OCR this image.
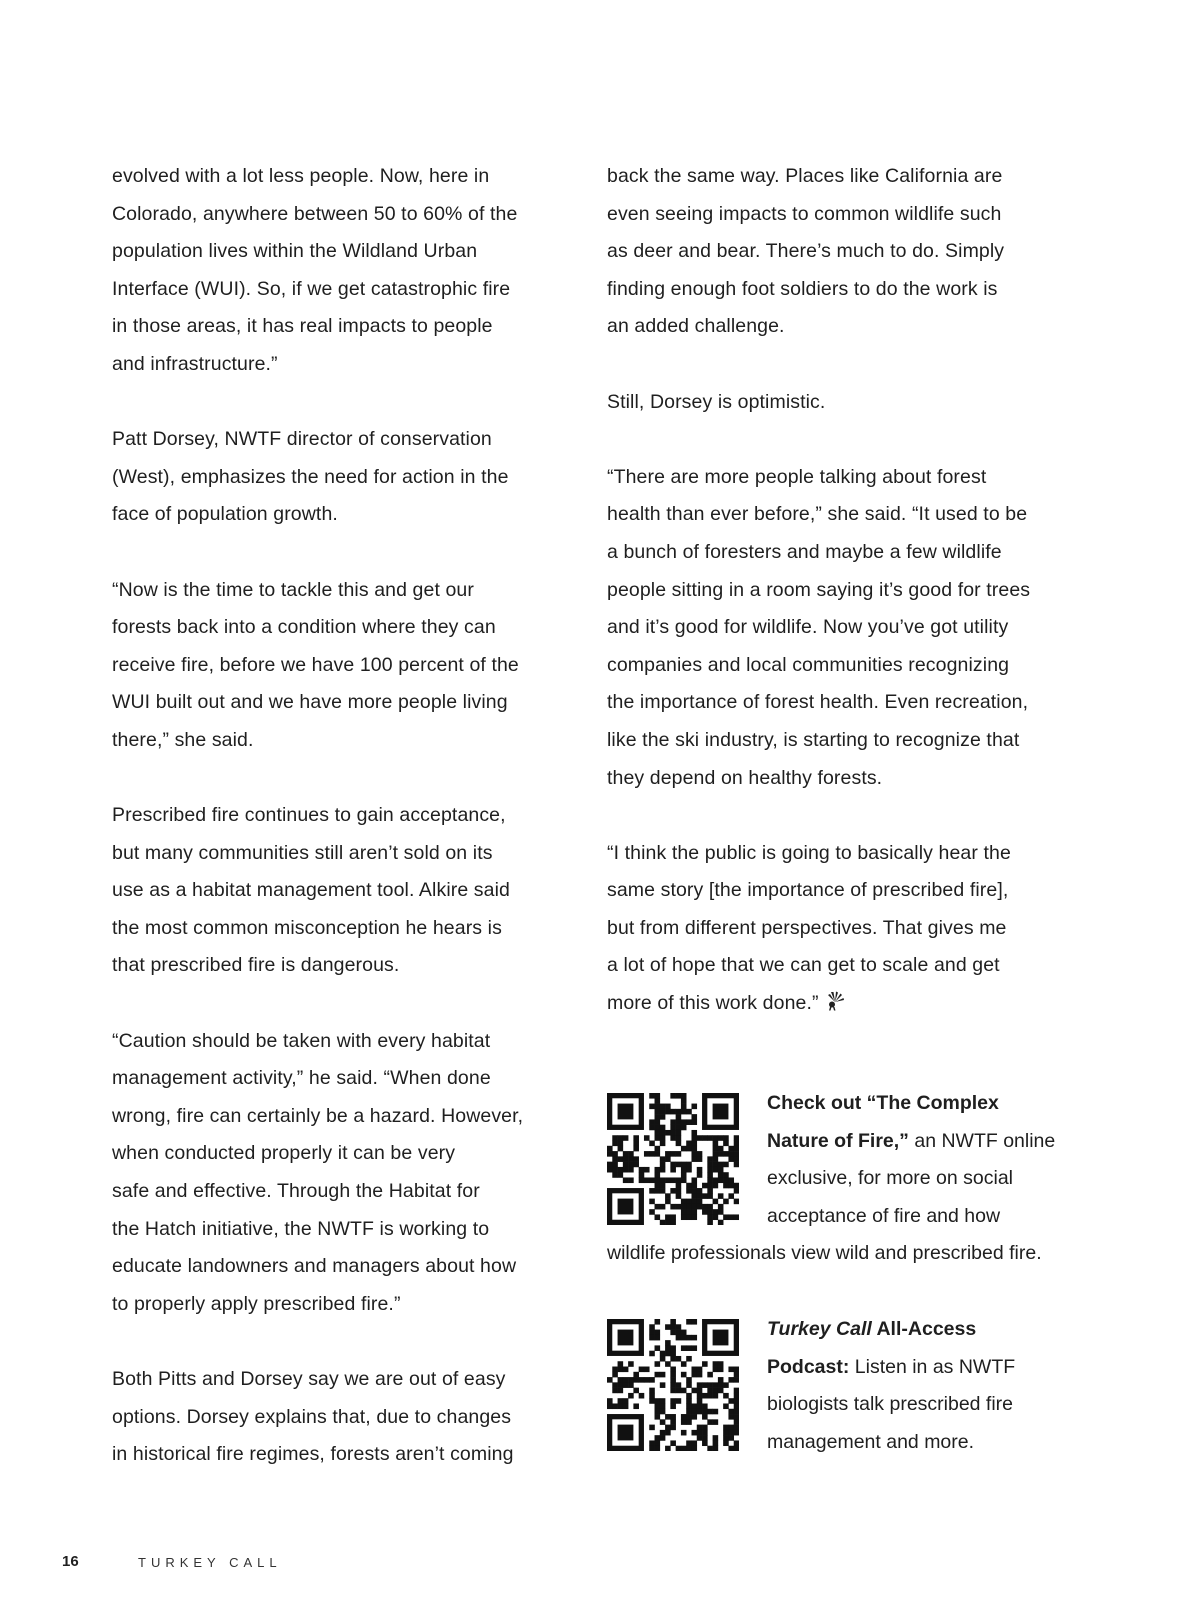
evolved with a lot less people. Now, here in
Colorado, anywhere between 50 to 60% of the
population lives within the Wildland Urban
Interface (WUI). So, if we get catastrophic fire
in those areas, it has real impacts to people
and infrastructure.”

Patt Dorsey, NWTF director of conservation
(West), emphasizes the need for action in the
face of population growth.

“Now is the time to tackle this and get our
forests back into a condition where they can
receive fire, before we have 100 percent of the
WUI built out and we have more people living
there,” she said.

Prescribed fire continues to gain acceptance,
but many communities still aren’t sold on its
use as a habitat management tool. Alkire said
the most common misconception he hears is
that prescribed fire is dangerous.

“Caution should be taken with every habitat
management activity,” he said. “When done
wrong, fire can certainly be a hazard. However,
when conducted properly it can be very
safe and effective. Through the Habitat for
the Hatch initiative, the NWTF is working to
educate landowners and managers about how
to properly apply prescribed fire.”

Both Pitts and Dorsey say we are out of easy
options. Dorsey explains that, due to changes
in historical fire regimes, forests aren’t coming

back the same way. Places like California are
even seeing impacts to common wildlife such
as deer and bear. There’s much to do. Simply
finding enough foot soldiers to do the work is
an added challenge.

Still, Dorsey is optimistic.

“There are more people talking about forest
health than ever before,” she said. “It used to be
a bunch of foresters and maybe a few wildlife
people sitting in a room saying it’s good for trees
and it’s good for wildlife. Now you’ve got utility
companies and local communities recognizing
the importance of forest health. Even recreation,
like the ski industry, is starting to recognize that
they depend on healthy forests.

“I think the public is going to basically hear the
same story [the importance of prescribed fire],
but from different perspectives. That gives me
a lot of hope that we can get to scale and get
more of this work done.”

Check out “The Complex
Nature of Fire,” an NWTF online
exclusive, for more on social
acceptance of fire and how
wildlife professionals view wild and prescribed fire.
Turkey Call All-Access
Podcast: Listen in as NWTF
biologists talk prescribed fire
management and more.
16	TURKEY CALL
